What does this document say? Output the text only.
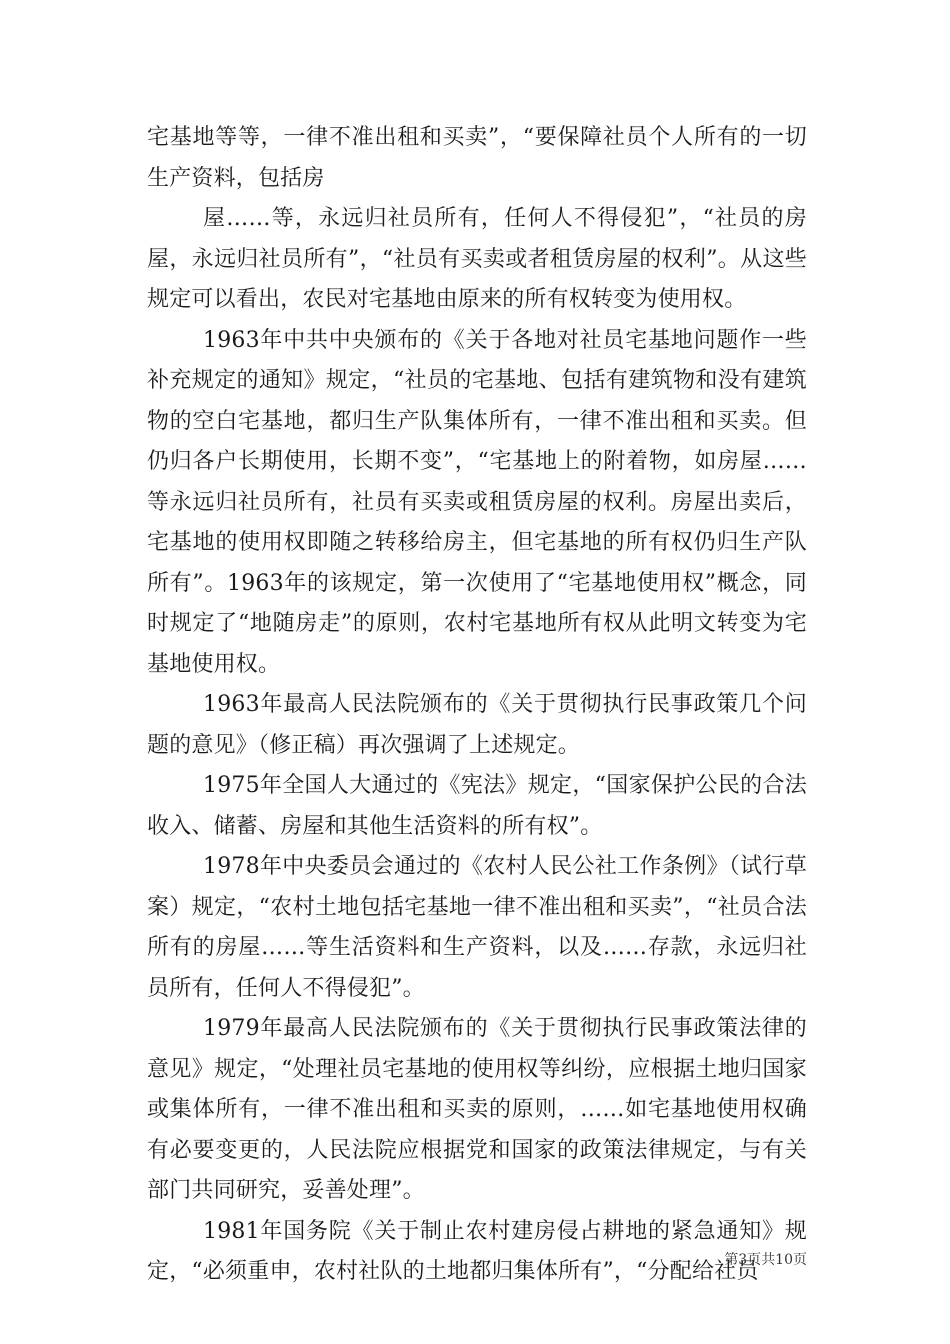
宅基地等等，一律不准出租和买卖”，“要保障社员个人所有的一切生产资料，包括房

屋……等，永远归社员所有，任何人不得侵犯”，“社员的房屋，永远归社员所有”，“社员有买卖或者租赁房屋的权利”。从这些规定可以看出，农民对宅基地由原来的所有权转变为使用权。

1963年中共中央颁布的《关于各地对社员宅基地问题作一些补充规定的通知》规定，“社员的宅基地、包括有建筑物和没有建筑物的空白宅基地，都归生产队集体所有，一律不准出租和买卖。但仍归各户长期使用，长期不变”，“宅基地上的附着物，如房屋……等永远归社员所有，社员有买卖或租赁房屋的权利。房屋出卖后，宅基地的使用权即随之转移给房主，但宅基地的所有权仍归生产队所有”。1963年的该规定，第一次使用了“宅基地使用权”概念，同时规定了“地随房走”的原则，农村宅基地所有权从此明文转变为宅基地使用权。

1963年最高人民法院颁布的《关于贯彻执行民事政策几个问题的意见》（修正稿）再次强调了上述规定。

1975年全国人大通过的《宪法》规定，“国家保护公民的合法收入、储蓄、房屋和其他生活资料的所有权”。

1978年中央委员会通过的《农村人民公社工作条例》（试行草案）规定，“农村土地包括宅基地一律不准出租和买卖”，“社员合法所有的房屋……等生活资料和生产资料，以及……存款，永远归社员所有，任何人不得侵犯”。

1979年最高人民法院颁布的《关于贯彻执行民事政策法律的意见》规定，“处理社员宅基地的使用权等纠纷，应根据土地归国家或集体所有，一律不准出租和买卖的原则，……如宅基地使用权确有必要变更的，人民法院应根据党和国家的政策法律规定，与有关部门共同研究，妥善处理”。

1981年国务院《关于制止农村建房侵占耕地的紧急通知》规定，“必须重申，农村社队的土地都归集体所有”，“分配给社员

第3页共10页
